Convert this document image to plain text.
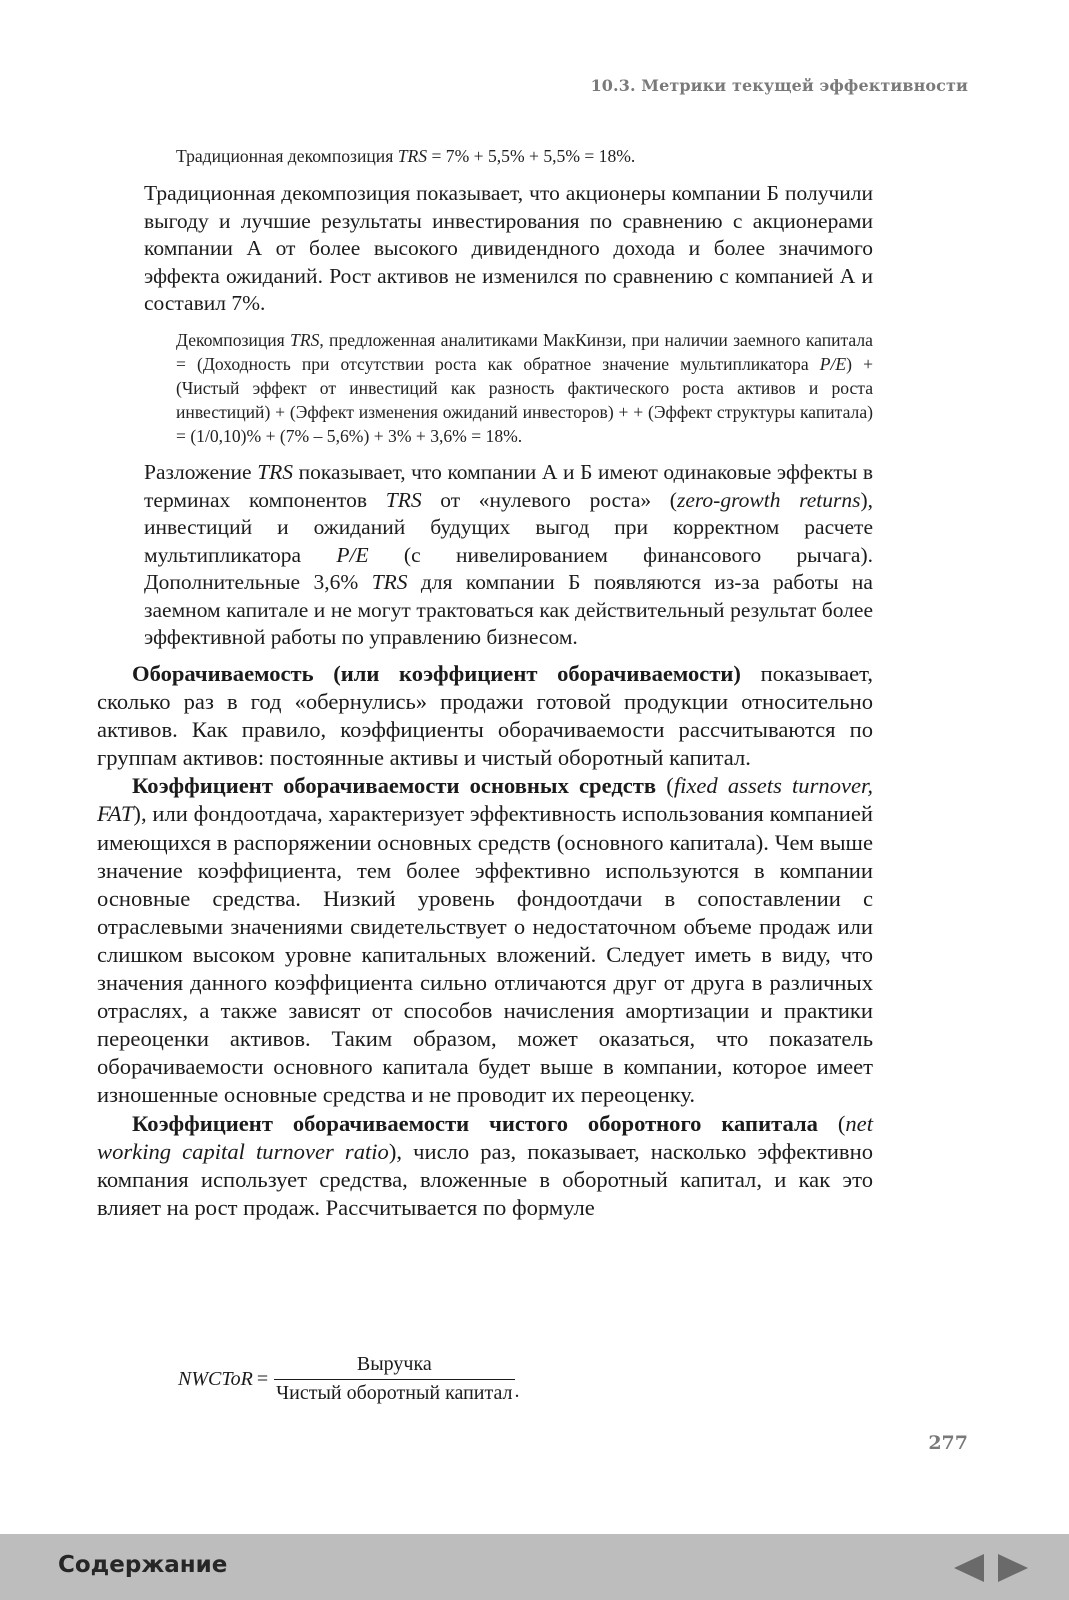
10.3. Метрики текущей эффективности
Традиционная декомпозиция TRS = 7% + 5,5% + 5,5% = 18%.
Традиционная декомпозиция показывает, что акционеры компании Б получили выгоду и лучшие результаты инвестирования по сравнению с акционерами компании А от более высокого дивидендного дохода и более значимого эффекта ожиданий. Рост активов не изменился по сравнению с компанией А и составил 7%.
Декомпозиция TRS, предложенная аналитиками МакКинзи, при наличии заемного капитала = (Доходность при отсутствии роста как обратное значение мультипликатора P/E) + (Чистый эффект от инвестиций как разность фактического роста активов и роста инвестиций) + (Эффект изменения ожиданий инвесторов) + + (Эффект структуры капитала) = (1/0,10)% + (7% – 5,6%) + 3% + 3,6% = 18%.
Разложение TRS показывает, что компании А и Б имеют одинаковые эффекты в терминах компонентов TRS от «нулевого роста» (zero-growth returns), инвестиций и ожиданий будущих выгод при корректном расчете мультипликатора P/E (с нивелированием финансового рычага). Дополнительные 3,6% TRS для компании Б появляются из-за работы на заемном капитале и не могут трактоваться как действительный результат более эффективной работы по управлению бизнесом.

Оборачиваемость (или коэффициент оборачиваемости) показывает, сколько раз в год «обернулись» продажи готовой продукции относительно активов. Как правило, коэффициенты оборачиваемости рассчитываются по группам активов: постоянные активы и чистый оборотный капитал.

Коэффициент оборачиваемости основных средств (fixed assets turnover, FAT), или фондоотдача, характеризует эффективность использования компанией имеющихся в распоряжении основных средств (основного капитала). Чем выше значение коэффициента, тем более эффективно используются в компании основные средства. Низкий уровень фондоотдачи в сопоставлении с отраслевыми значениями свидетельствует о недостаточном объеме продаж или слишком высоком уровне капитальных вложений. Следует иметь в виду, что значения данного коэффициента сильно отличаются друг от друга в различных отраслях, а также зависят от способов начисления амортизации и практики переоценки активов. Таким образом, может оказаться, что показатель оборачиваемости основного капитала будет выше в компании, которое имеет изношенные основные средства и не проводит их переоценку.

Коэффициент оборачиваемости чистого оборотного капитала (net working capital turnover ratio), число раз, показывает, насколько эффективно компания использует средства, вложенные в оборотный капитал, и как это влияет на рост продаж. Рассчитывается по формуле

NWCToR = $\frac{\text{Выручка}}{\text{Чистый оборотный капитал}}$ .
277
Содержание
